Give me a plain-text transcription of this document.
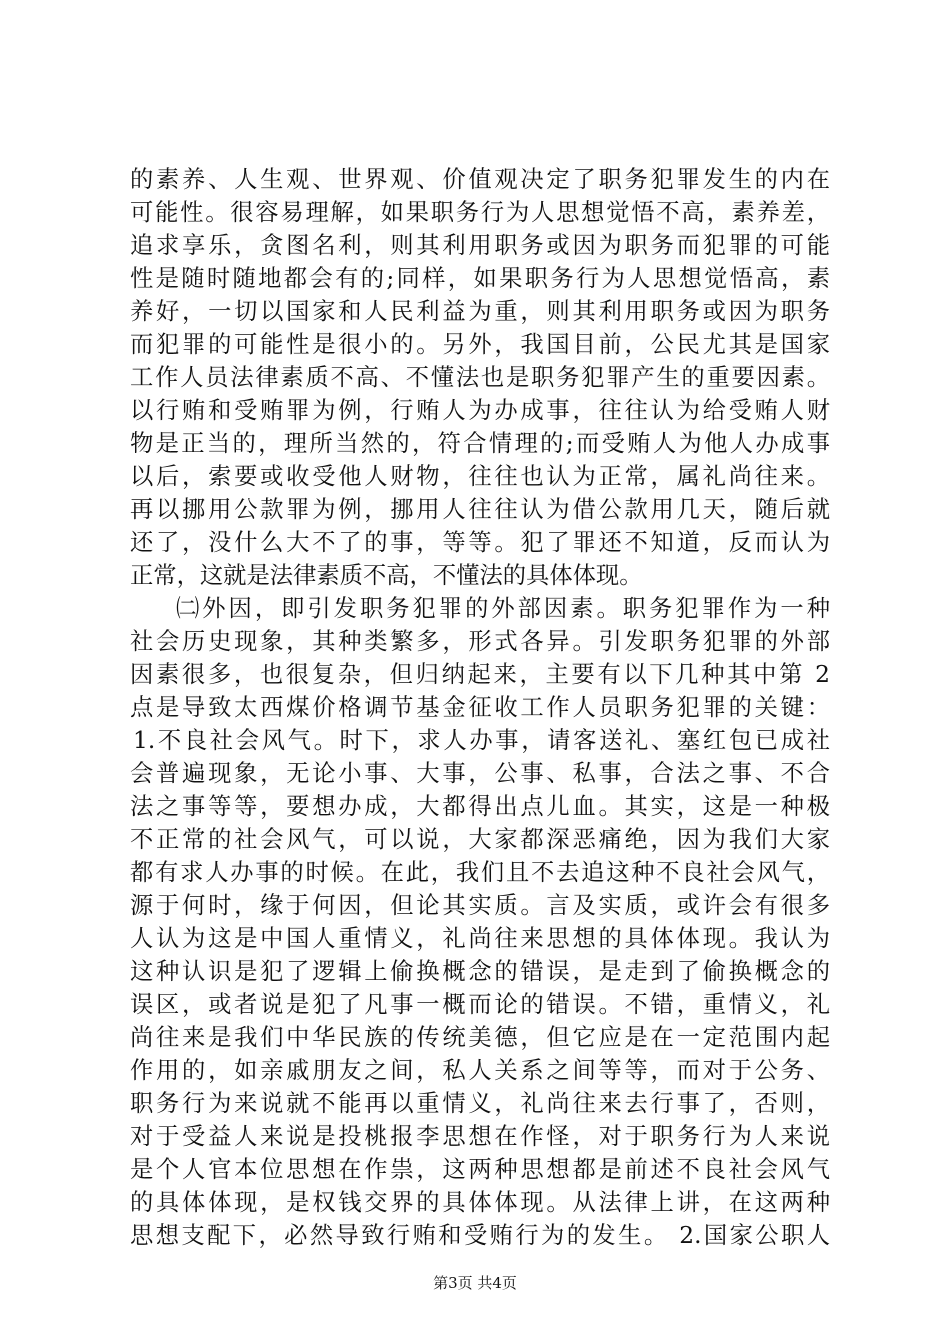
的素养、人生观、世界观、价值观决定了职务犯罪发生的内在
可能性。很容易理解，如果职务行为人思想觉悟不高，素养差，
追求享乐，贪图名利，则其利用职务或因为职务而犯罪的可能
性是随时随地都会有的;同样，如果职务行为人思想觉悟高，素
养好，一切以国家和人民利益为重，则其利用职务或因为职务
而犯罪的可能性是很小的。另外，我国目前，公民尤其是国家
工作人员法律素质不高、不懂法也是职务犯罪产生的重要因素。
以行贿和受贿罪为例，行贿人为办成事，往往认为给受贿人财
物是正当的，理所当然的，符合情理的;而受贿人为他人办成事
以后，索要或收受他人财物，往往也认为正常，属礼尚往来。
再以挪用公款罪为例，挪用人往往认为借公款用几天，随后就
还了，没什么大不了的事，等等。犯了罪还不知道，反而认为
正常，这就是法律素质不高，不懂法的具体体现。
㈡外因，即引发职务犯罪的外部因素。职务犯罪作为一种
社会历史现象，其种类繁多，形式各异。引发职务犯罪的外部
因素很多，也很复杂，但归纳起来，主要有以下几种其中第 2
点是导致太西煤价格调节基金征收工作人员职务犯罪的关键：
1.不良社会风气。时下，求人办事，请客送礼、塞红包已成社
会普遍现象，无论小事、大事，公事、私事，合法之事、不合
法之事等等，要想办成，大都得出点儿血。其实，这是一种极
不正常的社会风气，可以说，大家都深恶痛绝，因为我们大家
都有求人办事的时候。在此，我们且不去追这种不良社会风气，
源于何时，缘于何因，但论其实质。言及实质，或许会有很多
人认为这是中国人重情义，礼尚往来思想的具体体现。我认为
这种认识是犯了逻辑上偷换概念的错误，是走到了偷换概念的
误区，或者说是犯了凡事一概而论的错误。不错，重情义，礼
尚往来是我们中华民族的传统美德，但它应是在一定范围内起
作用的，如亲戚朋友之间，私人关系之间等等，而对于公务、
职务行为来说就不能再以重情义，礼尚往来去行事了，否则，
对于受益人来说是投桃报李思想在作怪，对于职务行为人来说
是个人官本位思想在作祟，这两种思想都是前述不良社会风气
的具体体现，是权钱交界的具体体现。从法律上讲，在这两种
思想支配下，必然导致行贿和受贿行为的发生。 2.国家公职人
第3页 共4页
